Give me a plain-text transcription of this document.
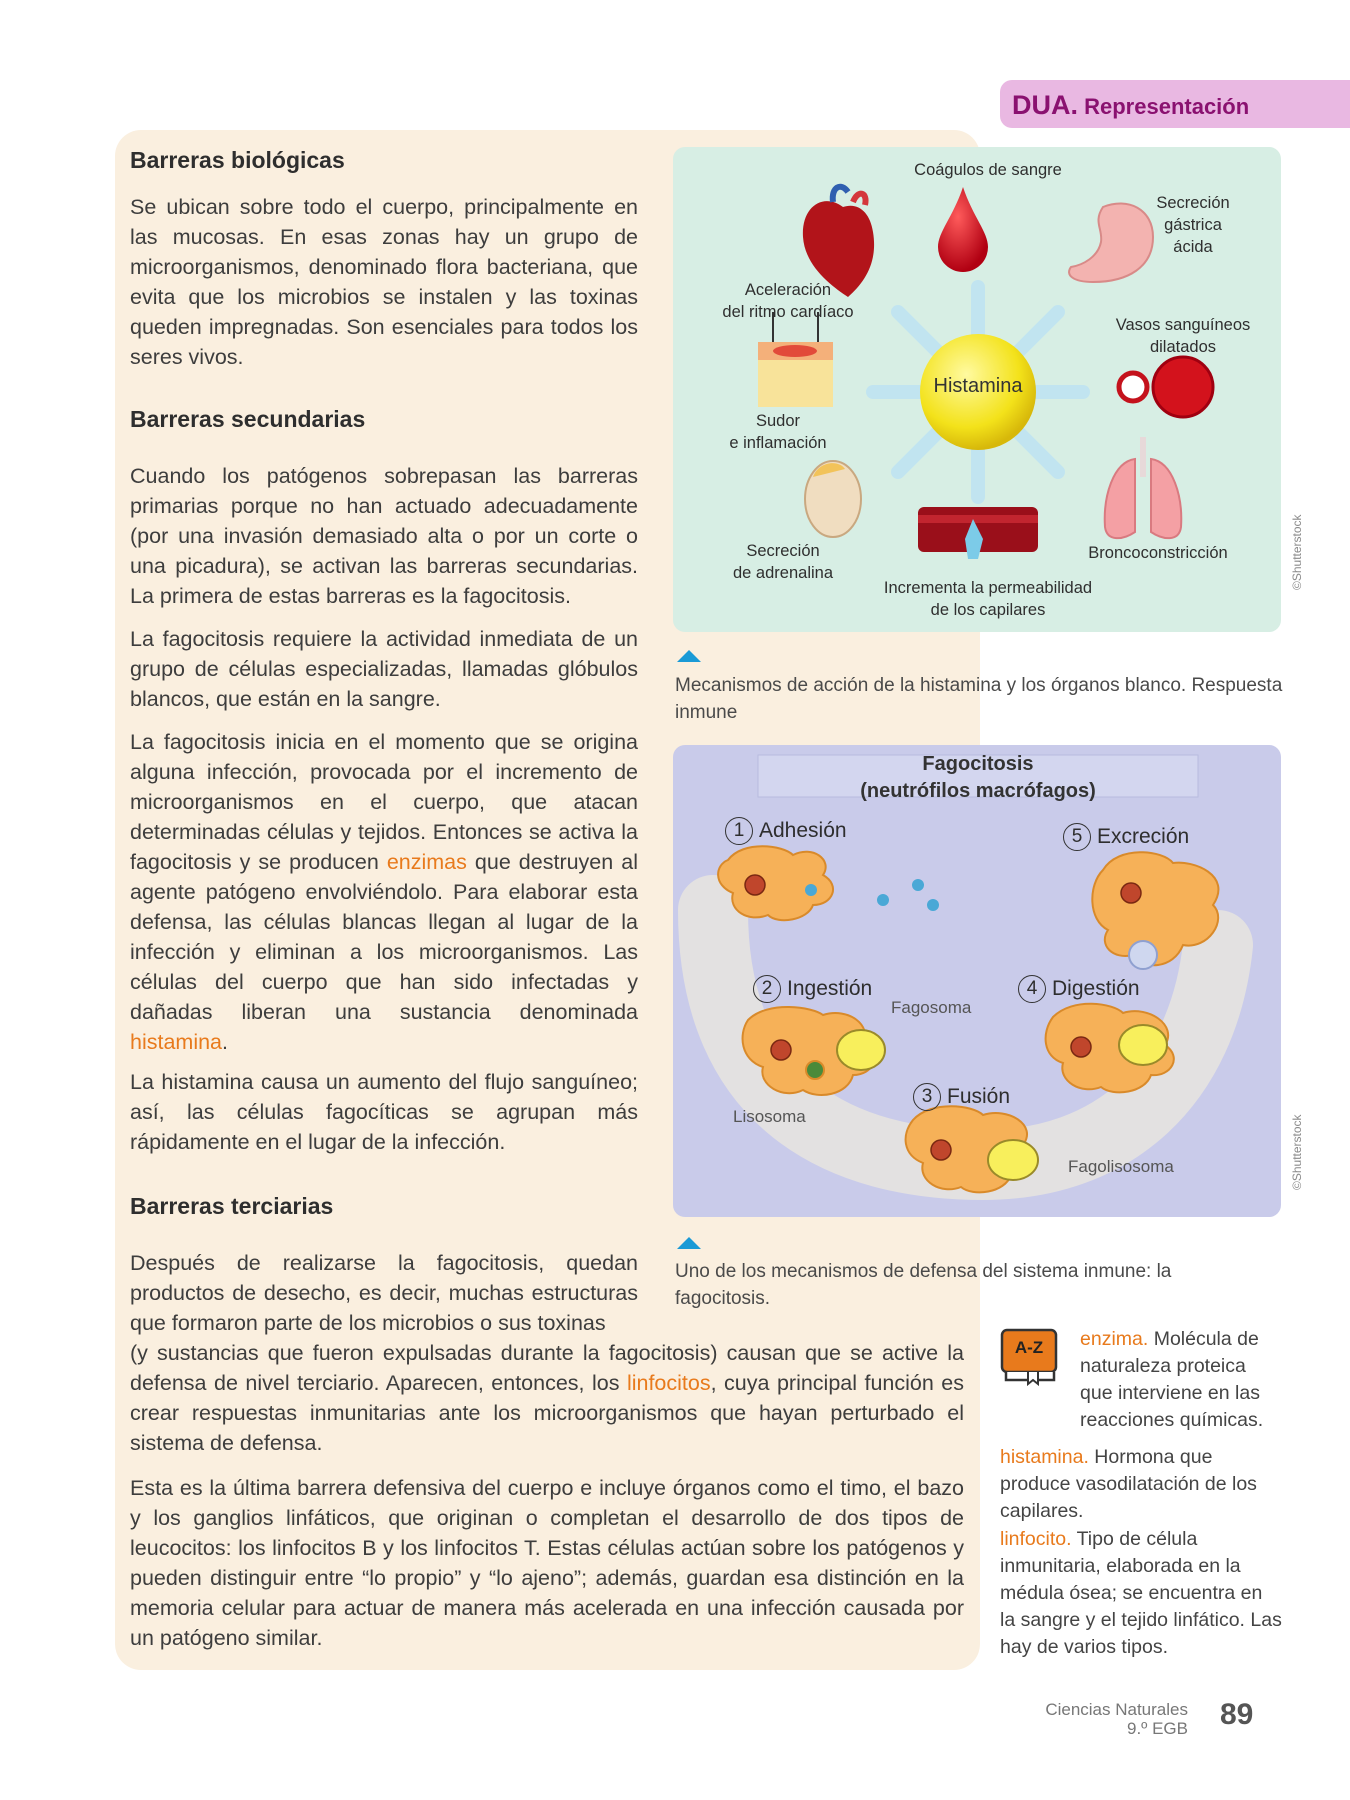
DUA. Representación
Barreras biológicas
Se ubican sobre todo el cuerpo, principalmente en las mucosas. En esas zonas hay un grupo de microorganismos, denominado flora bacteriana, que evita que los microbios se instalen y las toxinas queden impregnadas. Son esenciales para todos los seres vivos.
Barreras secundarias
Cuando los patógenos sobrepasan las barreras primarias porque no han actuado adecuadamente (por una invasión demasiado alta o por un corte o una picadura), se activan las barreras secundarias. La primera de estas barreras es la fagocitosis.
La fagocitosis requiere la actividad inmediata de un grupo de células especializadas, llamadas glóbulos blancos, que están en la sangre.
La fagocitosis inicia en el momento que se origina alguna infección, provocada por el incremento de microorganismos en el cuerpo, que atacan determinadas células y tejidos. Entonces se activa la fagocitosis y se producen enzimas que destruyen al agente patógeno envolviéndolo. Para elaborar esta defensa, las células blancas llegan al lugar de la infección y eliminan a los microorganismos. Las células del cuerpo que han sido infectadas y dañadas liberan una sustancia denominada histamina.
La histamina causa un aumento del flujo sanguíneo; así, las células fagocíticas se agrupan más rápidamente en el lugar de la infección.
Barreras terciarias
Después de realizarse la fagocitosis, quedan productos de desecho, es decir, muchas estructuras que formaron parte de los microbios o sus toxinas
(y sustancias que fueron expulsadas durante la fagocitosis) causan que se active la defensa de nivel terciario. Aparecen, entonces, los linfocitos, cuya principal función es crear respuestas inmunitarias ante los microorganismos que hayan perturbado el sistema de defensa.
Esta es la última barrera defensiva del cuerpo e incluye órganos como el timo, el bazo y los ganglios linfáticos, que originan o completan el desarrollo de dos tipos de leucocitos: los linfocitos B y los linfocitos T. Estas células actúan sobre los patógenos y pueden distinguir entre “lo propio” y “lo ajeno”; además, guardan esa distinción en la memoria celular para actuar de manera más acelerada en una infección causada por un patógeno similar.
Histamina
Coágulos de sangre
Secreción
gástrica
ácida
Aceleración
del ritmo cardíaco
Vasos sanguíneos
dilatados
Sudor
e inflamación
Secreción
de adrenalina
Broncoconstricción
Incrementa la permeabilidad
de los capilares
©Shutterstock
Mecanismos de acción de la histamina y los órganos blanco. Respuesta inmune
Fagocitosis
(neutrófilos macrófagos)
1 Adhesión
2 Ingestión
3 Fusión
4 Digestión
5 Excreción
Fagosoma
Lisosoma
Fagolisosoma	©Shutterstock
Uno de los mecanismos de defensa del sistema inmune: la fagocitosis.
A-Z	enzima. Molécula de naturaleza proteica que interviene en las reacciones químicas.
histamina. Hormona que produce vasodilatación de los capilares.
linfocito. Tipo de célula inmunitaria, elaborada en la médula ósea; se encuentra en la sangre y el tejido linfático. Las hay de varios tipos.
Ciencias Naturales
9.º EGB 89
